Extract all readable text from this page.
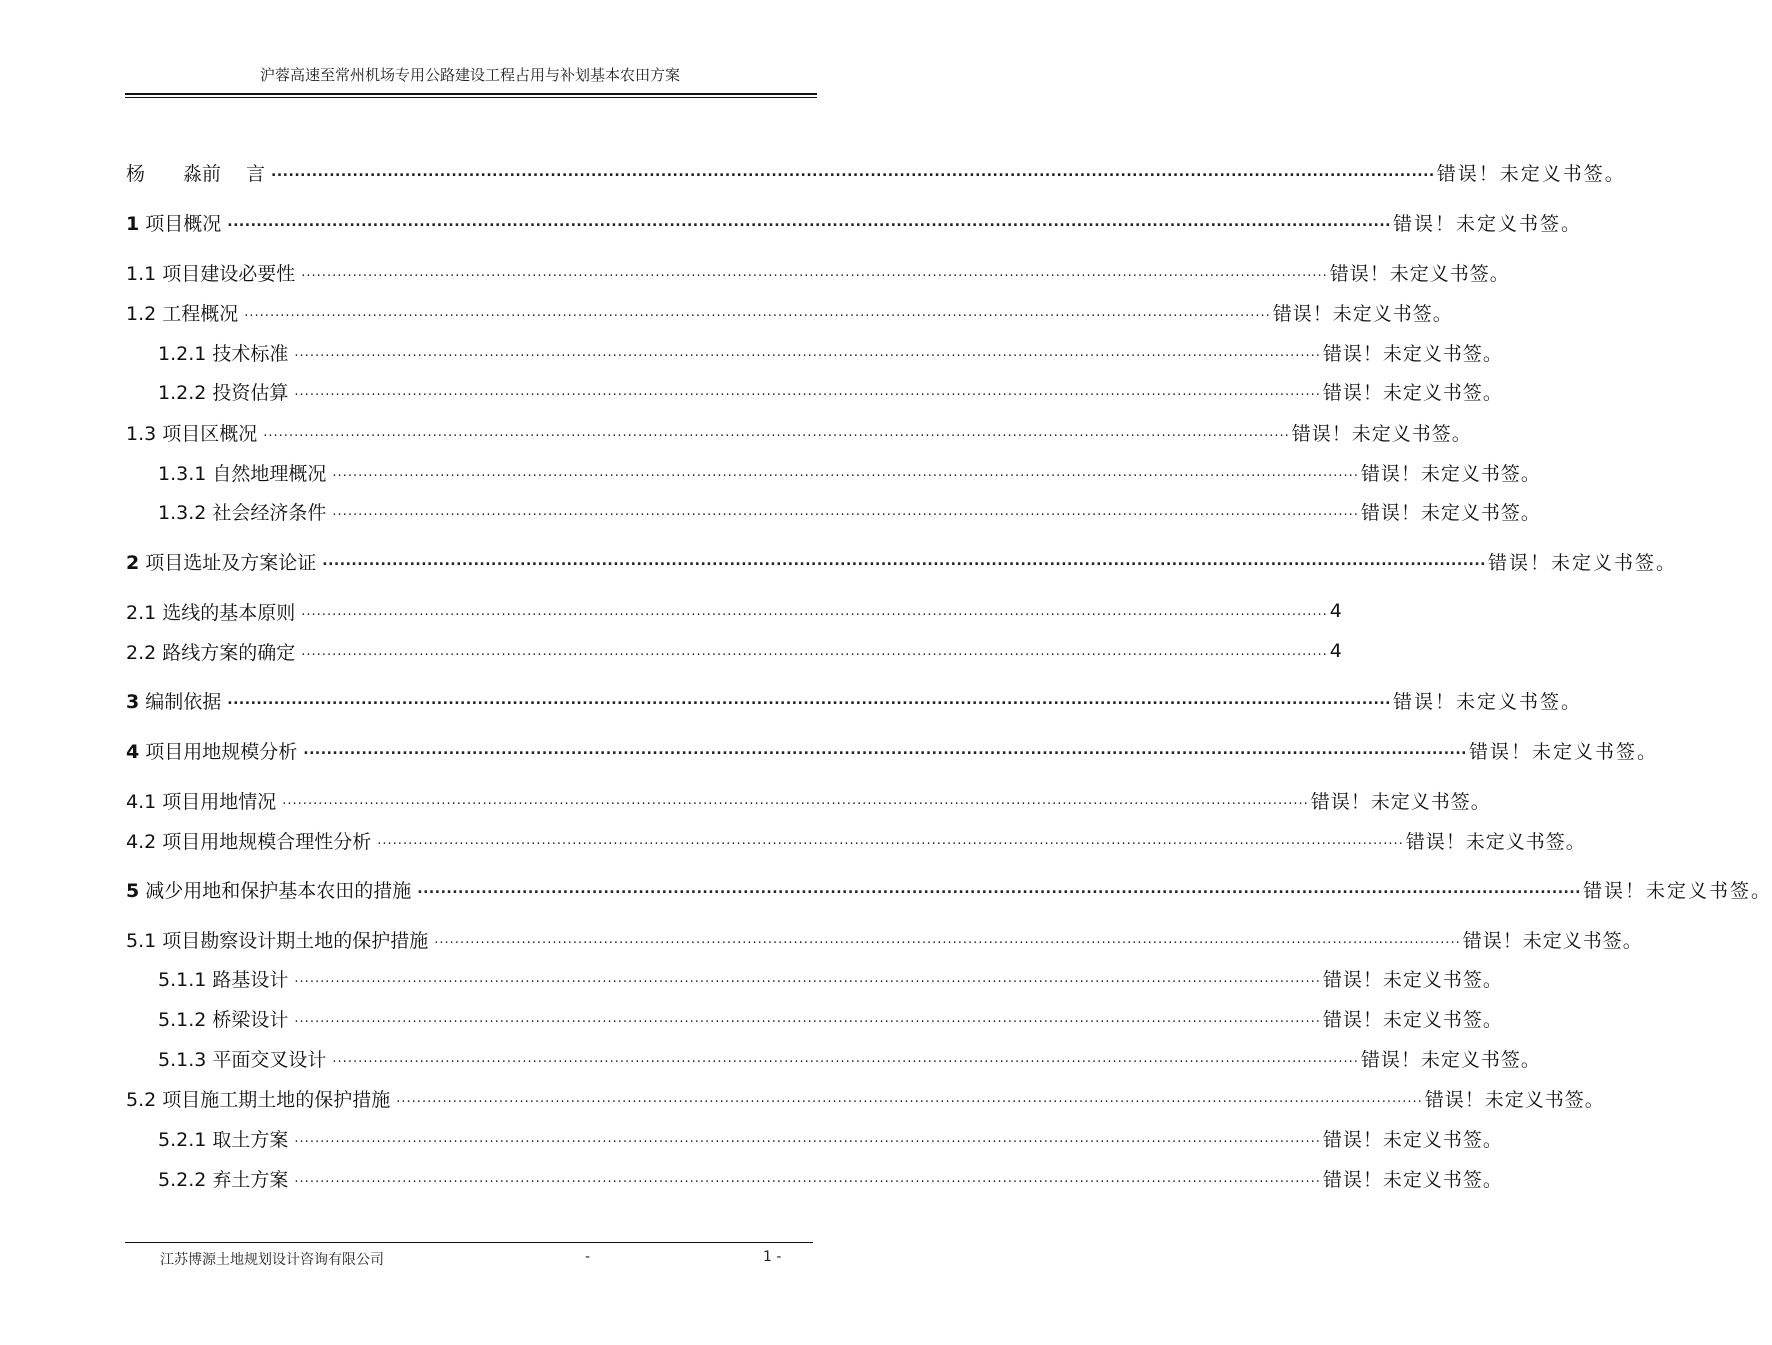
沪蓉高速至常州机场专用公路建设工程占用与补划基本农田方案
杨　　淼前　 言 ........................................................................................................................................................................................................ 错误！未定义书签。
1 项目概况 ........................................................................................................................................................................................................ 错误！未定义书签。
1.1 项目建设必要性 ........................................................................................................................................................................................................ 错误！未定义书签。
1.2 工程概况 ........................................................................................................................................................................................................ 错误！未定义书签。
1.2.1 技术标准 ........................................................................................................................................................................................................ 错误！未定义书签。
1.2.2 投资估算 ........................................................................................................................................................................................................ 错误！未定义书签。
1.3 项目区概况 ........................................................................................................................................................................................................ 错误！未定义书签。
1.3.1 自然地理概况 ........................................................................................................................................................................................................ 错误！未定义书签。
1.3.2 社会经济条件 ........................................................................................................................................................................................................ 错误！未定义书签。
2 项目选址及方案论证 ........................................................................................................................................................................................................ 错误！未定义书签。
2.1 选线的基本原则 ........................................................................................................................................................................................................ 4
2.2 路线方案的确定 ........................................................................................................................................................................................................ 4
3 编制依据 ........................................................................................................................................................................................................ 错误！未定义书签。
4 项目用地规模分析 ........................................................................................................................................................................................................ 错误！未定义书签。
4.1 项目用地情况 ........................................................................................................................................................................................................ 错误！未定义书签。
4.2 项目用地规模合理性分析 ........................................................................................................................................................................................................ 错误！未定义书签。
5 减少用地和保护基本农田的措施 ........................................................................................................................................................................................................ 错误！未定义书签。
5.1 项目勘察设计期土地的保护措施 ........................................................................................................................................................................................................ 错误！未定义书签。
5.1.1 路基设计 ........................................................................................................................................................................................................ 错误！未定义书签。
5.1.2 桥梁设计 ........................................................................................................................................................................................................ 错误！未定义书签。
5.1.3 平面交叉设计 ........................................................................................................................................................................................................ 错误！未定义书签。
5.2 项目施工期土地的保护措施 ........................................................................................................................................................................................................ 错误！未定义书签。
5.2.1 取土方案 ........................................................................................................................................................................................................ 错误！未定义书签。
5.2.2 弃土方案 ........................................................................................................................................................................................................ 错误！未定义书签。
江苏博源土地规划设计咨询有限公司	-	1 -
